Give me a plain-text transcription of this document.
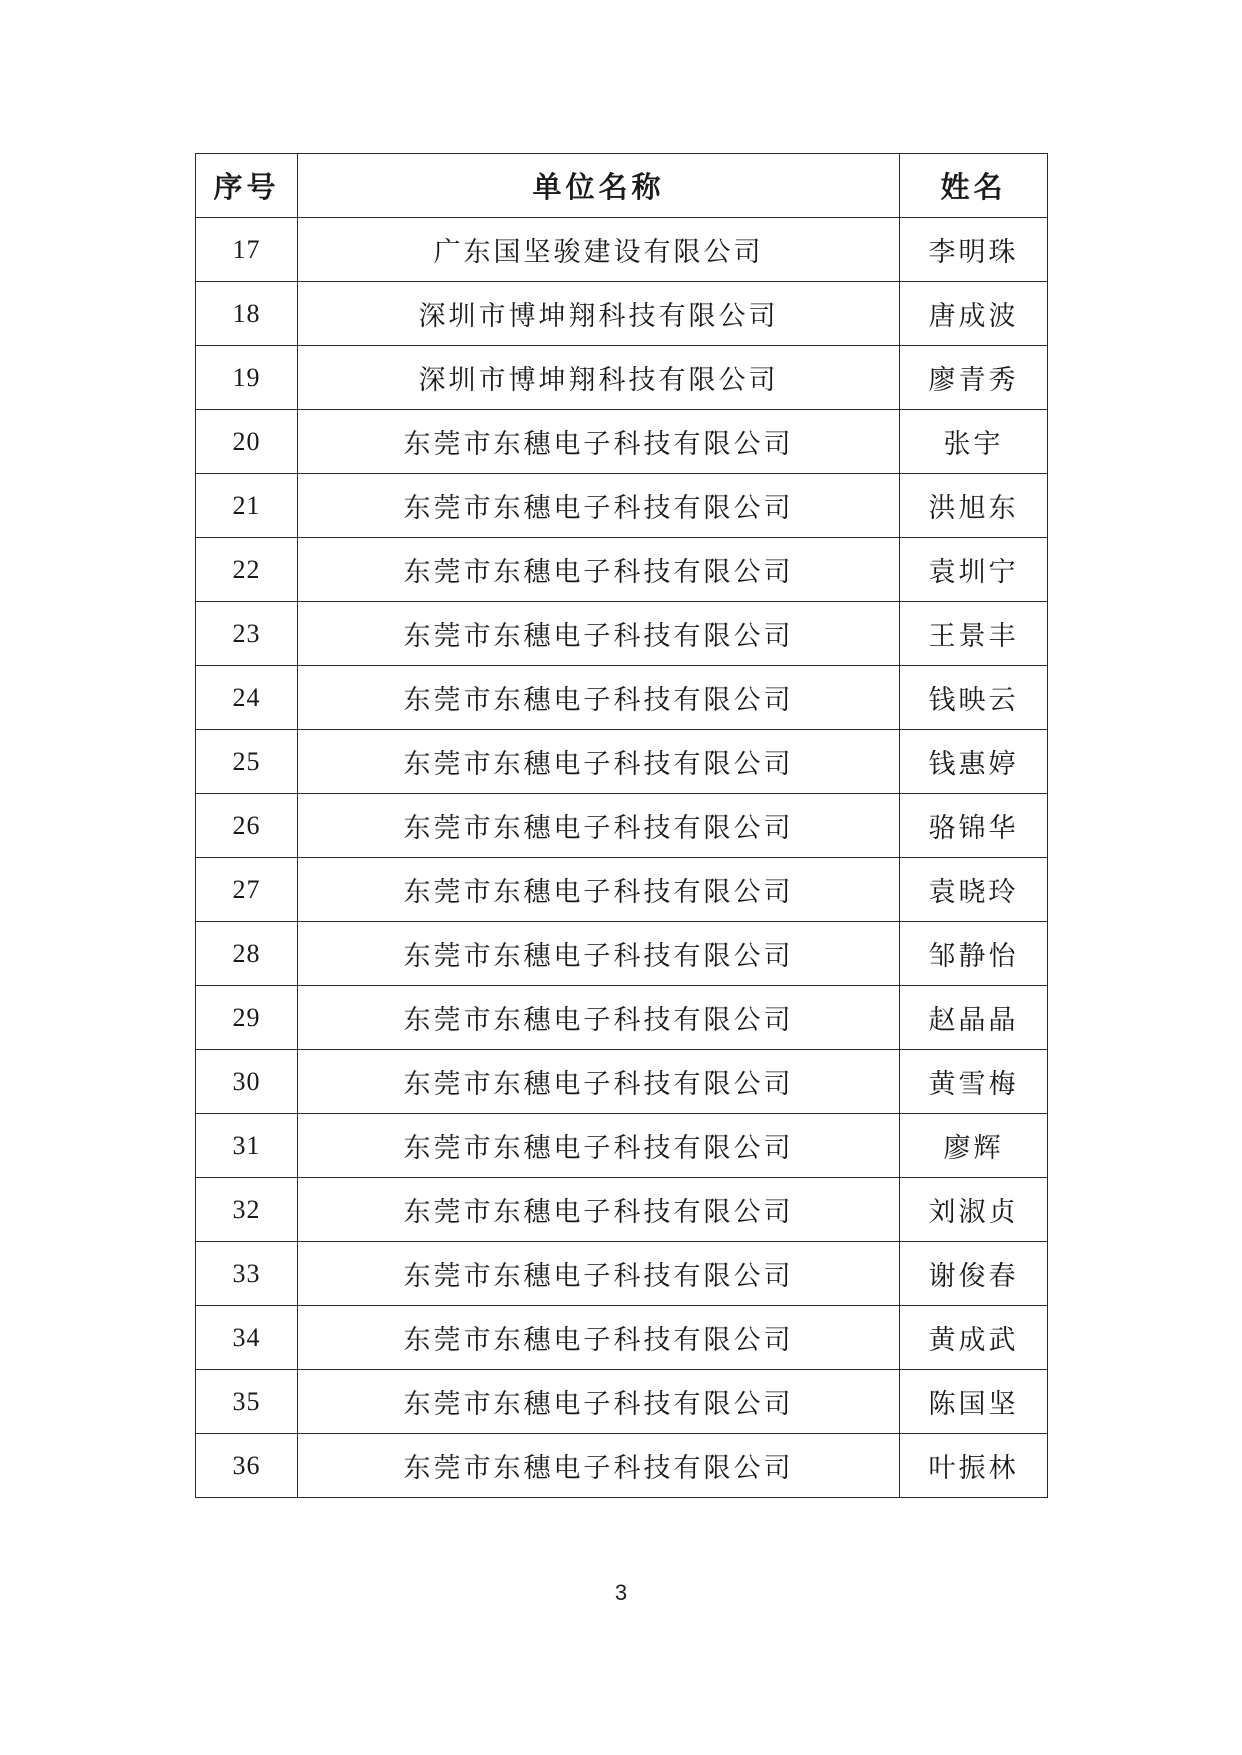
序号	单位名称	姓名
17	广东国坚骏建设有限公司	李明珠
18	深圳市博坤翔科技有限公司	唐成波
19	深圳市博坤翔科技有限公司	廖青秀
20	东莞市东穗电子科技有限公司	张宇
21	东莞市东穗电子科技有限公司	洪旭东
22	东莞市东穗电子科技有限公司	袁圳宁
23	东莞市东穗电子科技有限公司	王景丰
24	东莞市东穗电子科技有限公司	钱映云
25	东莞市东穗电子科技有限公司	钱惠婷
26	东莞市东穗电子科技有限公司	骆锦华
27	东莞市东穗电子科技有限公司	袁晓玲
28	东莞市东穗电子科技有限公司	邹静怡
29	东莞市东穗电子科技有限公司	赵晶晶
30	东莞市东穗电子科技有限公司	黄雪梅
31	东莞市东穗电子科技有限公司	廖辉
32	东莞市东穗电子科技有限公司	刘淑贞
33	东莞市东穗电子科技有限公司	谢俊春
34	东莞市东穗电子科技有限公司	黄成武
35	东莞市东穗电子科技有限公司	陈国坚
36	东莞市东穗电子科技有限公司	叶振林
3
